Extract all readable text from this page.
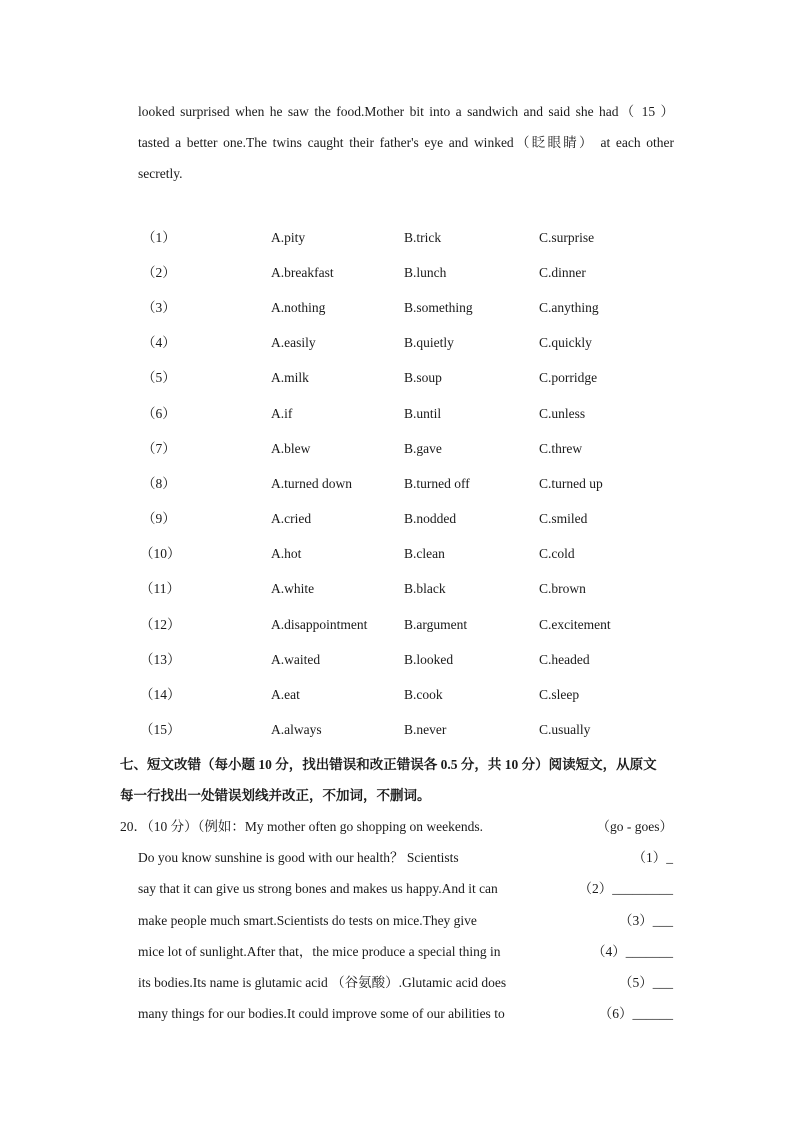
looked surprised when he saw the food.Mother bit into a sandwich and said she had（ 15 ）
tasted a better one.The twins caught their father's eye and winked（眨眼睛） at each other
secretly.
（1）	A.pity	B.trick	C.surprise
（2）	A.breakfast	B.lunch	C.dinner
（3）	A.nothing	B.something	C.anything
（4）	A.easily	B.quietly	C.quickly
（5）	A.milk	B.soup	C.porridge
（6）	A.if	B.until	C.unless
（7）	A.blew	B.gave	C.threw
（8）	A.turned down	B.turned off	C.turned up
（9）	A.cried	B.nodded	C.smiled
（10）	A.hot	B.clean	C.cold
（11）	A.white	B.black	C.brown
（12）	A.disappointment	B.argument	C.excitement
（13）	A.waited	B.looked	C.headed
（14）	A.eat	B.cook	C.sleep
（15）	A.always	B.never	C.usually
七、短文改错（每小题 10 分，找出错误和改正错误各 0.5 分，共 10 分）阅读短文，从原文
每一行找出一处错误划线并改正，不加词，不删词。
20．（10 分）（例如：My mother often go shopping on weekends.	（go - goes）
Do you know sunshine is good with our health？ Scientists	（1）_
say that it can give us strong bones and makes us happy.And it can	（2）_________
make people much smart.Scientists do tests on mice.They give	（3）___
mice lot of sunlight.After that，the mice produce a special thing in	（4）_______
its bodies.Its name is glutamic acid （谷氨酸）.Glutamic acid does	（5）___
many things for our bodies.It could improve some of our abilities to	（6）______
